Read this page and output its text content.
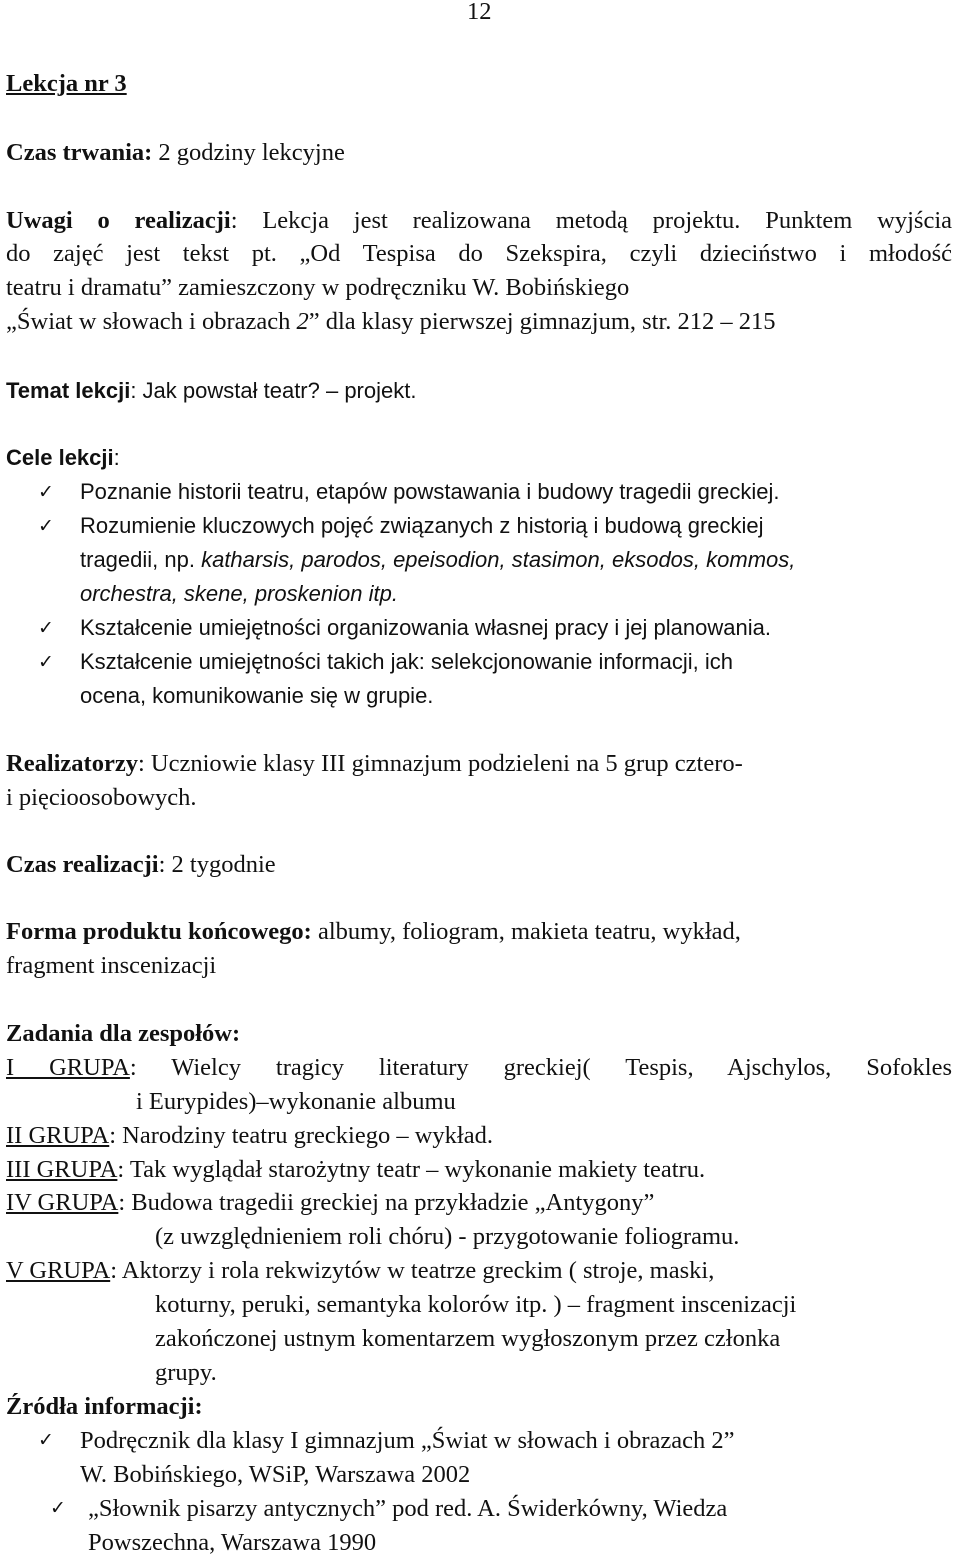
12
Lekcja nr 3
Czas trwania: 2 godziny lekcyjne
Uwagi o realizacji: Lekcja jest realizowana metodą projektu. Punktem wyjścia
do zajęć jest tekst pt. „Od Tespisa do Szekspira, czyli dzieciństwo i młodość
teatru i dramatu” zamieszczony w podręczniku W. Bobińskiego
„Świat w słowach i obrazach 2” dla klasy pierwszej gimnazjum, str. 212 – 215
Temat lekcji: Jak powstał teatr? – projekt.
Cele lekcji:
✓ Poznanie historii teatru, etapów powstawania i budowy tragedii greckiej.
✓ Rozumienie kluczowych pojęć związanych z historią i budową greckiej
tragedii, np. katharsis, parodos, epeisodion, stasimon, eksodos, kommos,
orchestra, skene, proskenion itp.
✓ Kształcenie umiejętności organizowania własnej pracy i jej planowania.
✓ Kształcenie umiejętności takich jak: selekcjonowanie informacji, ich
ocena, komunikowanie się w grupie.
Realizatorzy: Uczniowie klasy III gimnazjum podzieleni na 5 grup cztero-
i pięcioosobowych.
Czas realizacji: 2 tygodnie
Forma produktu końcowego: albumy, foliogram, makieta teatru, wykład,
fragment inscenizacji
Zadania dla zespołów:
I GRUPA: Wielcy tragicy literatury greckiej( Tespis, Ajschylos, Sofokles
i Eurypides)–wykonanie albumu
II GRUPA: Narodziny teatru greckiego – wykład.
III GRUPA: Tak wyglądał starożytny teatr – wykonanie makiety teatru.
IV GRUPA: Budowa tragedii greckiej na przykładzie „Antygony”
(z uwzględnieniem roli chóru) - przygotowanie foliogramu.
V GRUPA: Aktorzy i rola rekwizytów w teatrze greckim ( stroje, maski,
koturny, peruki, semantyka kolorów itp. ) – fragment inscenizacji
zakończonej ustnym komentarzem wygłoszonym przez członka
grupy.
Źródła informacji:
✓ Podręcznik dla klasy I gimnazjum „Świat w słowach i obrazach 2”
W. Bobińskiego, WSiP, Warszawa 2002
✓ „Słownik pisarzy antycznych” pod red. A. Świderkówny, Wiedza
Powszechna, Warszawa 1990
